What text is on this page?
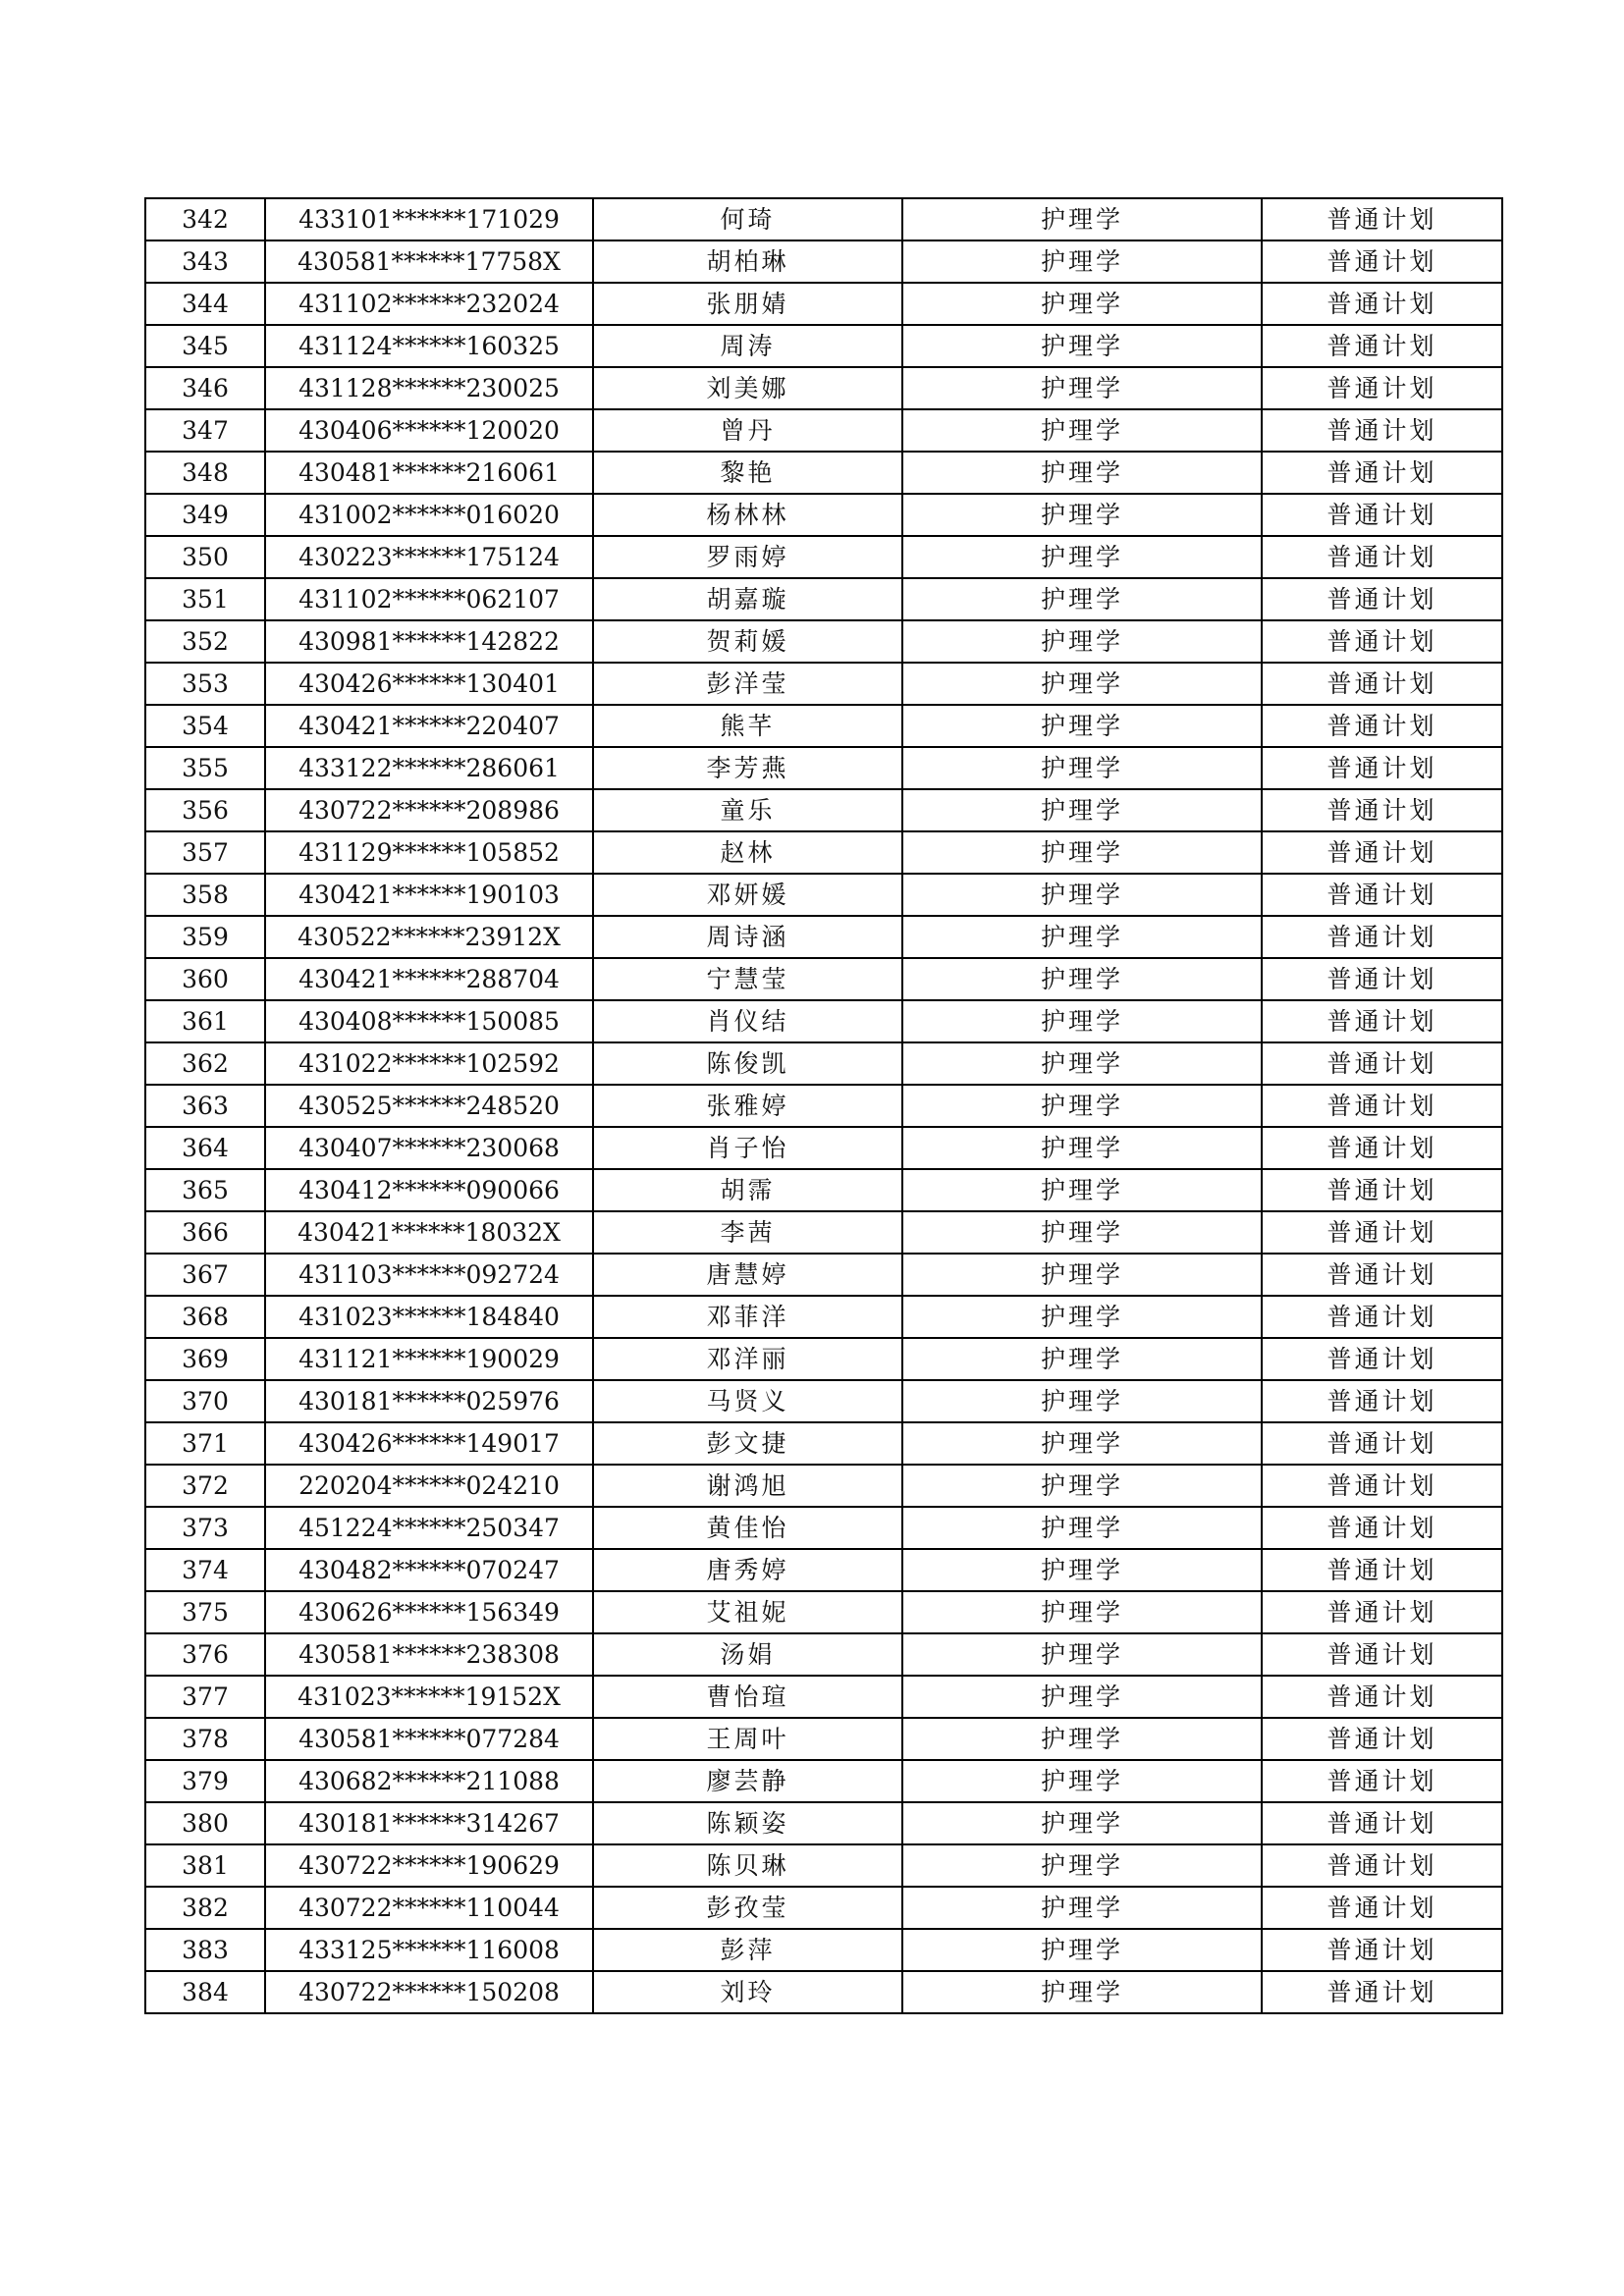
342	433101******171029	何琦	护理学	普通计划
343	430581******17758X	胡柏琳	护理学	普通计划
344	431102******232024	张朋婧	护理学	普通计划
345	431124******160325	周涛	护理学	普通计划
346	431128******230025	刘美娜	护理学	普通计划
347	430406******120020	曾丹	护理学	普通计划
348	430481******216061	黎艳	护理学	普通计划
349	431002******016020	杨林林	护理学	普通计划
350	430223******175124	罗雨婷	护理学	普通计划
351	431102******062107	胡嘉璇	护理学	普通计划
352	430981******142822	贺莉媛	护理学	普通计划
353	430426******130401	彭洋莹	护理学	普通计划
354	430421******220407	熊芊	护理学	普通计划
355	433122******286061	李芳燕	护理学	普通计划
356	430722******208986	童乐	护理学	普通计划
357	431129******105852	赵林	护理学	普通计划
358	430421******190103	邓妍媛	护理学	普通计划
359	430522******23912X	周诗涵	护理学	普通计划
360	430421******288704	宁慧莹	护理学	普通计划
361	430408******150085	肖仪结	护理学	普通计划
362	431022******102592	陈俊凯	护理学	普通计划
363	430525******248520	张雅婷	护理学	普通计划
364	430407******230068	肖子怡	护理学	普通计划
365	430412******090066	胡霈	护理学	普通计划
366	430421******18032X	李茜	护理学	普通计划
367	431103******092724	唐慧婷	护理学	普通计划
368	431023******184840	邓菲洋	护理学	普通计划
369	431121******190029	邓洋丽	护理学	普通计划
370	430181******025976	马贤义	护理学	普通计划
371	430426******149017	彭文捷	护理学	普通计划
372	220204******024210	谢鸿旭	护理学	普通计划
373	451224******250347	黄佳怡	护理学	普通计划
374	430482******070247	唐秀婷	护理学	普通计划
375	430626******156349	艾祖妮	护理学	普通计划
376	430581******238308	汤娟	护理学	普通计划
377	431023******19152X	曹怡瑄	护理学	普通计划
378	430581******077284	王周叶	护理学	普通计划
379	430682******211088	廖芸静	护理学	普通计划
380	430181******314267	陈颖姿	护理学	普通计划
381	430722******190629	陈贝琳	护理学	普通计划
382	430722******110044	彭孜莹	护理学	普通计划
383	433125******116008	彭萍	护理学	普通计划
384	430722******150208	刘玲	护理学	普通计划
